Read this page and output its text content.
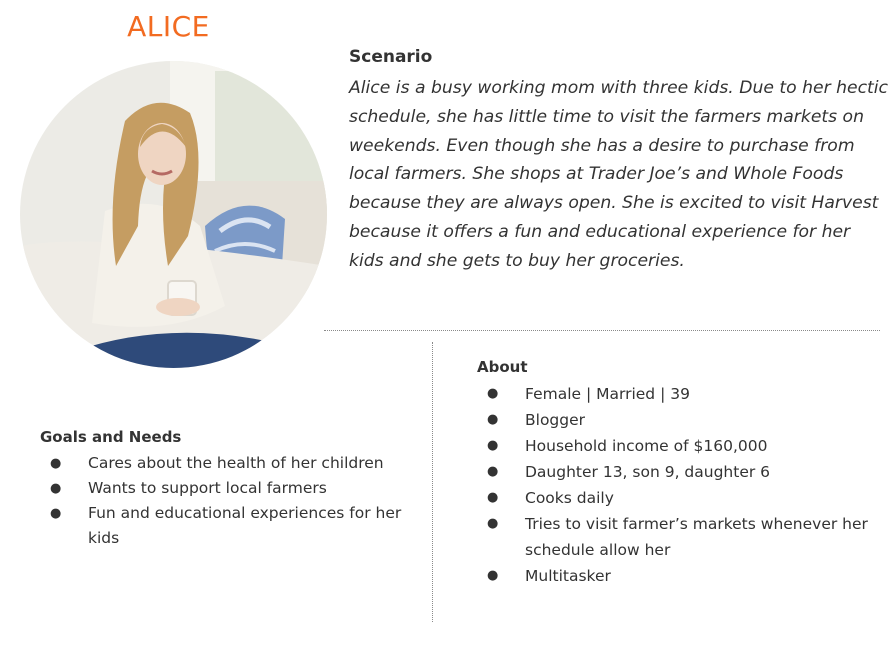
ALICE
Scenario

Alice is a busy working mom with three kids. Due to her hectic schedule, she has little time to visit the farmers markets on weekends. Even though she has a desire to purchase from local farmers. She shops at Trader Joe’s and Whole Foods because they are always open. She is excited to visit Harvest because it offers a fun and educational experience for her kids and she gets to buy her groceries.

Goals and Needs
● Cares about the health of her children
● Wants to support local farmers
● Fun and educational experiences for her kids
About
● Female | Married | 39
● Blogger
● Household income of $160,000
● Daughter 13, son 9, daughter 6
● Cooks daily
● Tries to visit farmer’s markets whenever her schedule allow her
● Multitasker
